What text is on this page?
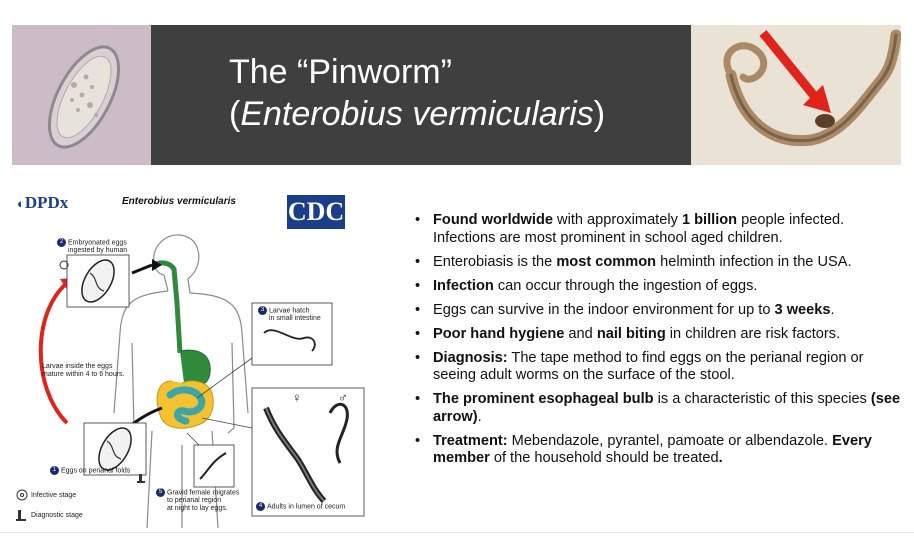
The “Pinworm”
(Enterobius vermicularis)
◐DPDx	Enterobius vermicularis CDC
2 Embryonated eggs
ingested by human
3 Larvae hatch
in small intestine
Larvae inside the eggs
mature within 4 to 6 hours.
1 Eggs on perianal folds
5 Gravid female migrates
to perianal region
at night to lay eggs.	4 Adults in lumen of cecum
Infective stage
Diagnostic stage
♀	♂
• Found worldwide with approximately 1 billion people infected. Infections are most prominent in school aged children.
• Enterobiasis is the most common helminth infection in the USA.
• Infection can occur through the ingestion of eggs.
• Eggs can survive in the indoor environment for up to 3 weeks.
• Poor hand hygiene and nail biting in children are risk factors.
• Diagnosis: The tape method to find eggs on the perianal region or seeing adult worms on the surface of the stool.
• The prominent esophageal bulb is a characteristic of this species (see arrow).
• Treatment: Mebendazole, pyrantel, pamoate or albendazole. Every member of the household should be treated.
